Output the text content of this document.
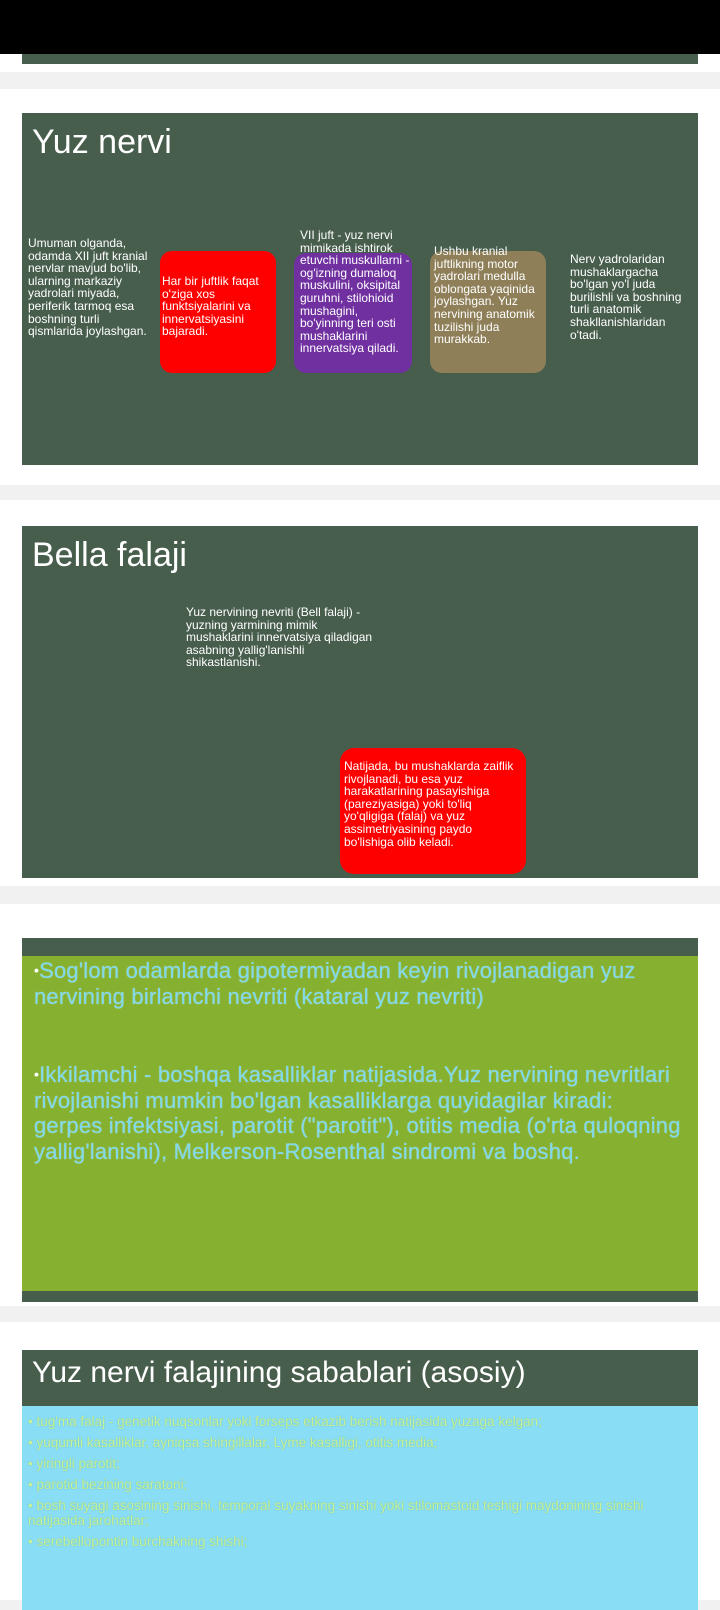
Yuz nervi
Umuman olganda, odamda XII juft kranial nervlar mavjud bo'lib, ularning markaziy yadrolari miyada, periferik tarmoq esa boshning turli qismlarida joylashgan.
Har bir juftlik faqat o'ziga xos funktsiyalarini va innervatsiyasini bajaradi.
VII juft - yuz nervi mimikada ishtirok etuvchi muskullarni - og'izning dumaloq muskulini, oksipital guruhni, stilohioid mushagini, bo'yinning teri osti mushaklarini innervatsiya qiladi.
Ushbu kranial juftlikning motor yadrolari medulla oblongata yaqinida joylashgan. Yuz nervining anatomik tuzilishi juda murakkab.
Nerv yadrolaridan mushaklargacha bo'lgan yo'l juda burilishli va boshning turli anatomik shakllanishlaridan o'tadi.
Bella falaji
Yuz nervining nevriti (Bell falaji) - yuzning yarmining mimik mushaklarini innervatsiya qiladigan asabning yallig'lanishli shikastlanishi.
Natijada, bu mushaklarda zaiflik rivojlanadi, bu esa yuz harakatlarining pasayishiga (pareziyasiga) yoki to'liq yo'qligiga (falaj) va yuz assimetriyasining paydo bo'lishiga olib keladi.
•Sog'lom odamlarda gipotermiyadan keyin rivojlanadigan yuz nervining birlamchi nevriti (kataral yuz nevriti)
•Ikkilamchi - boshqa kasalliklar natijasida.Yuz nervining nevritlari rivojlanishi mumkin bo'lgan kasalliklarga quyidagilar kiradi: gerpes infektsiyasi, parotit ("parotit"), otitis media (o'rta quloqning yallig'lanishi), Melkerson-Rosenthal sindromi va boshq.
Yuz nervi falajining sabablari (asosiy)
• tug'ma falaj - genetik nuqsonlar yoki forseps etkazib berish natijasida yuzaga kelgan;
• yuqumli kasalliklar, ayniqsa shingillalar, Lyme kasalligi, otitis media;
• yiringli parotit;
• parotid bezining saratoni;
• bosh suyagi asosining sinishi, temporal suyakning sinishi yoki stilomastoid teshigi maydonining sinishi natijasida jarohatlar;
• serebellopontin burchakning shishi;
